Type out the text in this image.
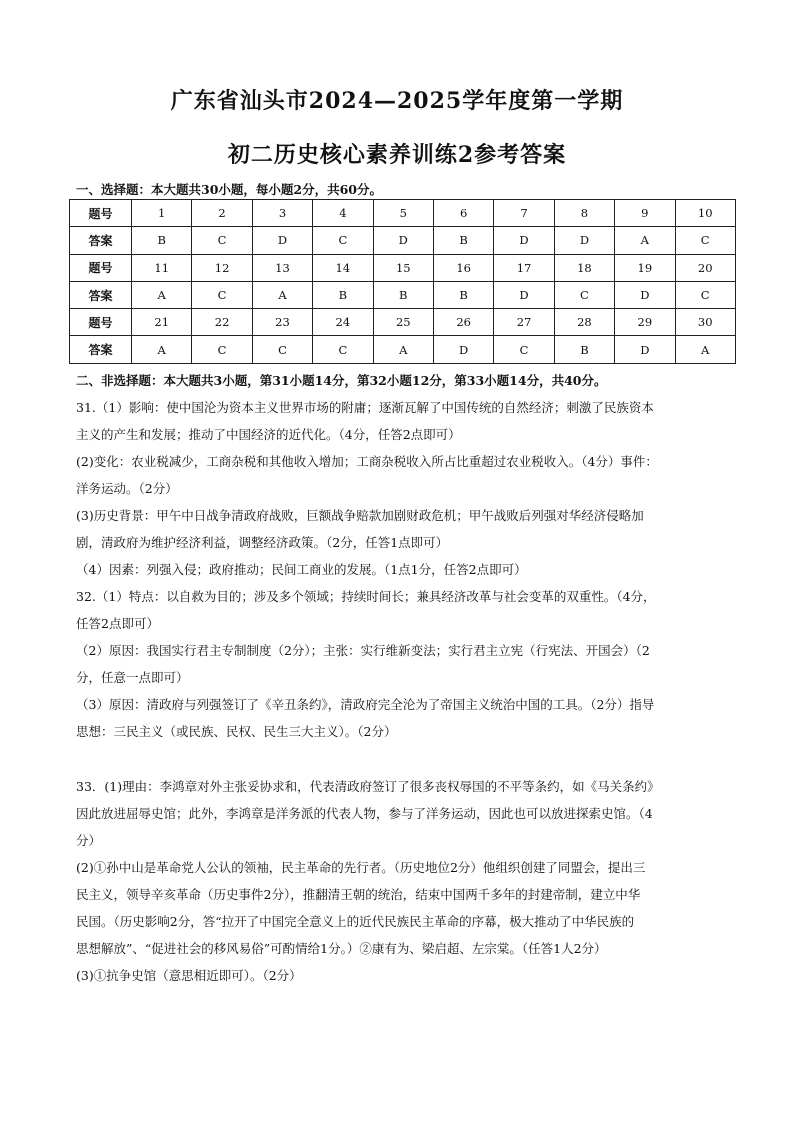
广东省汕头市2024—2025学年度第一学期
初二历史核心素养训练2参考答案
一、选择题：本大题共30小题，每小题2分，共60分。
题号	1	2	3	4	5	6	7	8	9	10
答案	B	C	D	C	D	B	D	D	A	C
题号	11	12	13	14	15	16	17	18	19	20
答案	A	C	A	B	B	B	D	C	D	C
题号	21	22	23	24	25	26	27	28	29	30
答案	A	C	C	C	A	D	C	B	D	A
二、非选择题：本大题共3小题，第31小题14分，第32小题12分，第33小题14分，共40分。
31.（1）影响：使中国沦为资本主义世界市场的附庸；逐渐瓦解了中国传统的自然经济；刺激了民族资本
主义的产生和发展；推动了中国经济的近代化。（4分，任答2点即可）
(2)变化：农业税减少，工商杂税和其他收入增加；工商杂税收入所占比重超过农业税收入。（4分）事件：
洋务运动。（2分）
(3)历史背景：甲午中日战争清政府战败，巨额战争赔款加剧财政危机；甲午战败后列强对华经济侵略加
剧，清政府为维护经济利益，调整经济政策。（2分，任答1点即可）
（4）因素：列强入侵；政府推动；民间工商业的发展。（1点1分，任答2点即可）
32.（1）特点：以自救为目的；涉及多个领域；持续时间长；兼具经济改革与社会变革的双重性。（4分，
任答2点即可）
（2）原因：我国实行君主专制制度（2分）；主张：实行维新变法；实行君主立宪（行宪法、开国会）（2
分，任意一点即可）
（3）原因：清政府与列强签订了《辛丑条约》，清政府完全沦为了帝国主义统治中国的工具。（2分）指导
思想：三民主义（或民族、民权、民生三大主义）。（2分）
33．(1)理由：李鸿章对外主张妥协求和，代表清政府签订了很多丧权辱国的不平等条约，如《马关条约》
因此放进屈辱史馆；此外，李鸿章是洋务派的代表人物，参与了洋务运动，因此也可以放进探索史馆。（4
分）
(2)①孙中山是革命党人公认的领袖，民主革命的先行者。（历史地位2分）他组织创建了同盟会，提出三
民主义，领导辛亥革命（历史事件2分），推翻清王朝的统治，结束中国两千多年的封建帝制，建立中华
民国。（历史影响2分，答“拉开了中国完全意义上的近代民族民主革命的序幕，极大推动了中华民族的
思想解放”、“促进社会的移风易俗”可酌情给1分。）②康有为、梁启超、左宗棠。（任答1人2分）
(3)①抗争史馆（意思相近即可）。（2分）
